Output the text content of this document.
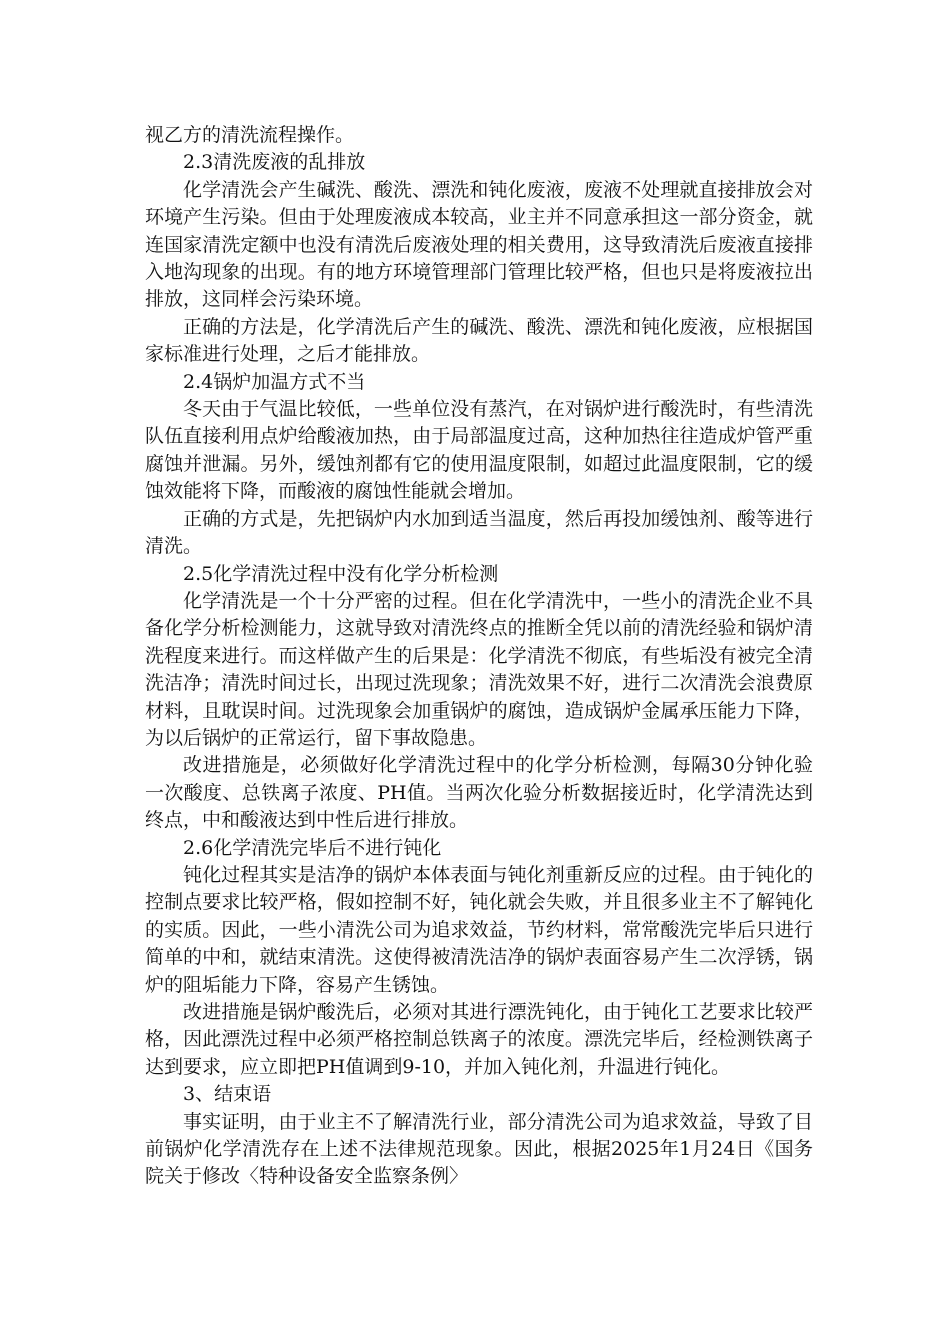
视乙方的清洗流程操作。

2.3清洗废液的乱排放

化学清洗会产生碱洗、酸洗、漂洗和钝化废液，废液不处理就直接排放会对环境产生污染。但由于处理废液成本较高，业主并不同意承担这一部分资金，就连国家清洗定额中也没有清洗后废液处理的相关费用，这导致清洗后废液直接排入地沟现象的出现。有的地方环境管理部门管理比较严格，但也只是将废液拉出排放，这同样会污染环境。

正确的方法是，化学清洗后产生的碱洗、酸洗、漂洗和钝化废液，应根据国家标准进行处理，之后才能排放。

2.4锅炉加温方式不当

冬天由于气温比较低，一些单位没有蒸汽，在对锅炉进行酸洗时，有些清洗队伍直接利用点炉给酸液加热，由于局部温度过高，这种加热往往造成炉管严重腐蚀并泄漏。另外，缓蚀剂都有它的使用温度限制，如超过此温度限制，它的缓蚀效能将下降，而酸液的腐蚀性能就会增加。

正确的方式是，先把锅炉内水加到适当温度，然后再投加缓蚀剂、酸等进行清洗。

2.5化学清洗过程中没有化学分析检测

化学清洗是一个十分严密的过程。但在化学清洗中，一些小的清洗企业不具备化学分析检测能力，这就导致对清洗终点的推断全凭以前的清洗经验和锅炉清洗程度来进行。而这样做产生的后果是：化学清洗不彻底，有些垢没有被完全清洗洁净；清洗时间过长，出现过洗现象；清洗效果不好，进行二次清洗会浪费原材料，且耽误时间。过洗现象会加重锅炉的腐蚀，造成锅炉金属承压能力下降，为以后锅炉的正常运行，留下事故隐患。

改进措施是，必须做好化学清洗过程中的化学分析检测，每隔30分钟化验一次酸度、总铁离子浓度、PH值。当两次化验分析数据接近时，化学清洗达到终点，中和酸液达到中性后进行排放。

2.6化学清洗完毕后不进行钝化

钝化过程其实是洁净的锅炉本体表面与钝化剂重新反应的过程。由于钝化的控制点要求比较严格，假如控制不好，钝化就会失败，并且很多业主不了解钝化的实质。因此，一些小清洗公司为追求效益，节约材料，常常酸洗完毕后只进行简单的中和，就结束清洗。这使得被清洗洁净的锅炉表面容易产生二次浮锈，锅炉的阻垢能力下降，容易产生锈蚀。

改进措施是锅炉酸洗后，必须对其进行漂洗钝化，由于钝化工艺要求比较严格，因此漂洗过程中必须严格控制总铁离子的浓度。漂洗完毕后，经检测铁离子达到要求，应立即把PH值调到9-10，并加入钝化剂，升温进行钝化。

3、结束语

事实证明，由于业主不了解清洗行业，部分清洗公司为追求效益，导致了目前锅炉化学清洗存在上述不法律规范现象。因此，根据2025年1月24日《国务院关于修改〈特种设备安全监察条例〉
